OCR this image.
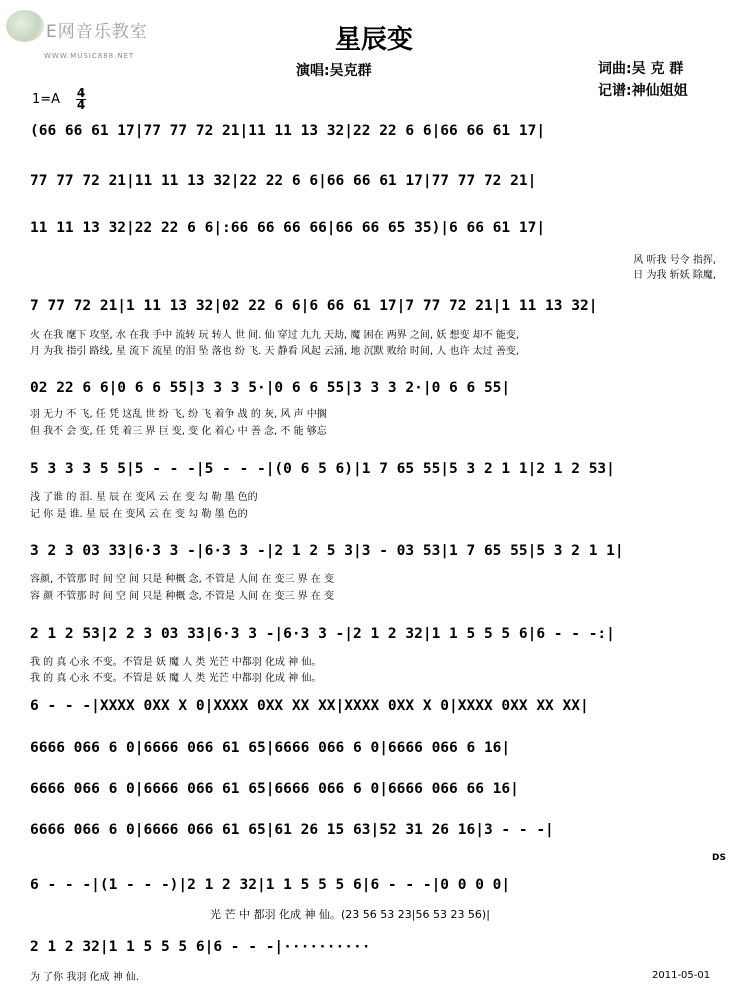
E网音乐教室
WWW.MUSIC888.NET
星辰变
演唱:吴克群	词曲:吴 克 群
记谱:神仙姐姐
$1=A \frac{4}{4}$
(66 66 61 17|77 77 72 21|11 11 13 32|22 22 6 6|66 66 61 17|
77 77 72 21|11 11 13 32|22 22 6 6|66 66 61 17|77 77 72 21|
11 11 13 32|22 22 6 6|:66 66 66 66|66 66 65 35)|6 66 61 17|
风 听我 号令 指挥,
日 为我 斩妖 除魔,
7 77 72 21|1 11 13 32|02 22 6 6|6 66 61 17|7 77 72 21|1 11 13 32|
火 在我 麾下 攻坚, 水 在我 手中 流转 玩 转人 世 间. 仙 穿过 九九 天劫, 魔 困在 两界 之间, 妖 想变 却不 能变,
月 为我 指引 路线, 星 流下 流星 的泪 坠 落也 纷 飞. 天 静看 风起 云涌, 地 沉默 败给 时间, 人 也许 太过 善变,
02 22 6 6|0 6 6 55|3 3 3 5·|0 6 6 55|3 3 3 2·|0 6 6 55|
羽 无力 不 飞, 任 凭 这乱 世 纷 飞, 纷 飞 着争 战 的 灰, 风 声 中搁
但 我不 会 变, 任 凭 着三 界 巨 变, 变 化 着心 中 善 念, 不 能 够忘
5 3 3 3 5 5|5 - - -|5 - - -|(0 6 5 6)|1 7 65 55|5 3 2 1 1|2 1 2 53|
浅 了谁 的 泪. 星 辰 在 变风 云 在 变 勾 勒 墨 色的
记 你 是 谁. 星 辰 在 变风 云 在 变 勾 勒 墨 色的
3 2 3 03 33|6·3 3 -|6·3 3 -|2 1 2 5 3|3 - 03 53|1 7 65 55|5 3 2 1 1|
容颜, 不管那 时 间 空 间 只是 种概 念, 不管是 人间 在 变三 界 在 变
容 颜 不管那 时 间 空 间 只是 种概 念, 不管是 人间 在 变三 界 在 变
2 1 2 53|2 2 3 03 33|6·3 3 -|6·3 3 -|2 1 2 32|1 1 5 5 5 6|6 - - -:|
我 的 真 心永 不变。不管是 妖 魔 人 类 光芒 中都羽 化成 神 仙。
我 的 真 心永 不变。不管是 妖 魔 人 类 光芒 中都羽 化成 神 仙。
6 - - -|XXXX 0XX X 0|XXXX 0XX XX XX|XXXX 0XX X 0|XXXX 0XX XX XX|
6666 066 6 0|6666 066 61 65|6666 066 6 0|6666 066 6 16|
6666 066 6 0|6666 066 61 65|6666 066 6 0|6666 066 66 16|
6666 066 6 0|6666 066 61 65|61 26 15 63|52 31 26 16|3 - - -|
DS
6 - - -|(1 - - -)|2 1 2 32|1 1 5 5 5 6|6 - - -|0 0 0 0|
光 芒 中 都羽 化成 神 仙。(23 56 53 23|56 53 23 56)|
2 1 2 32|1 1 5 5 5 6|6 - - -|··········
为 了你 我羽 化成 神 仙.	2011-05-01
